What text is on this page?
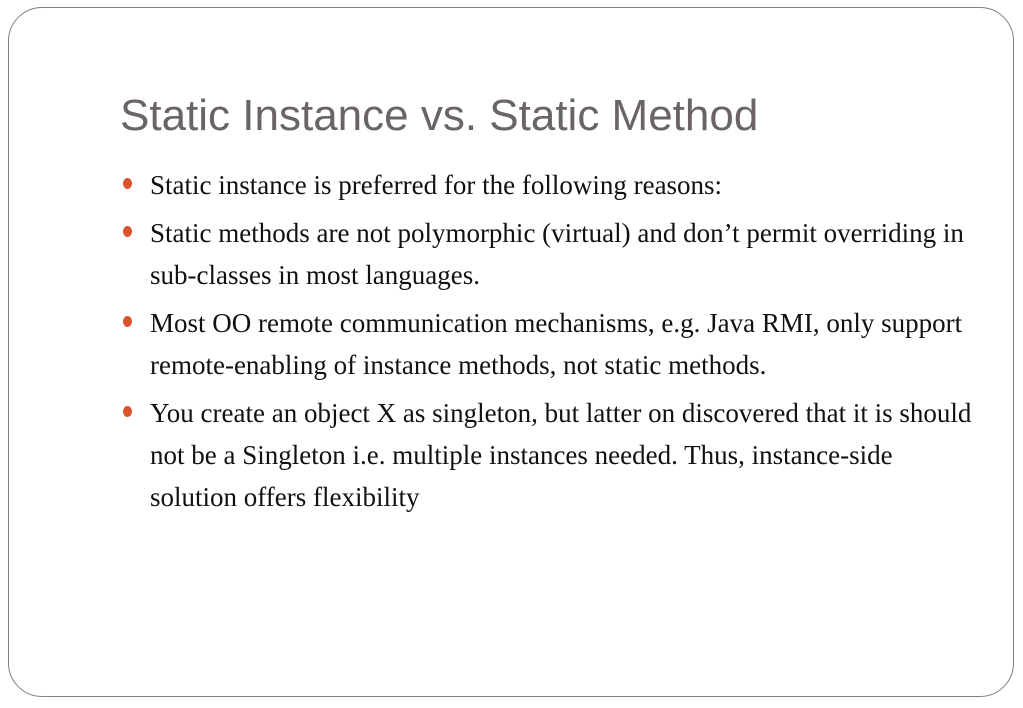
Static Instance vs. Static Method
Static instance is preferred for the following reasons:
Static methods are not polymorphic (virtual) and don’t permit overriding in sub-classes in most languages.
Most OO remote communication mechanisms, e.g. Java RMI, only support remote-enabling of instance methods, not static methods.
You create an object X as singleton, but latter on discovered that it is should not be a Singleton i.e. multiple instances needed. Thus, instance-side solution offers flexibility
